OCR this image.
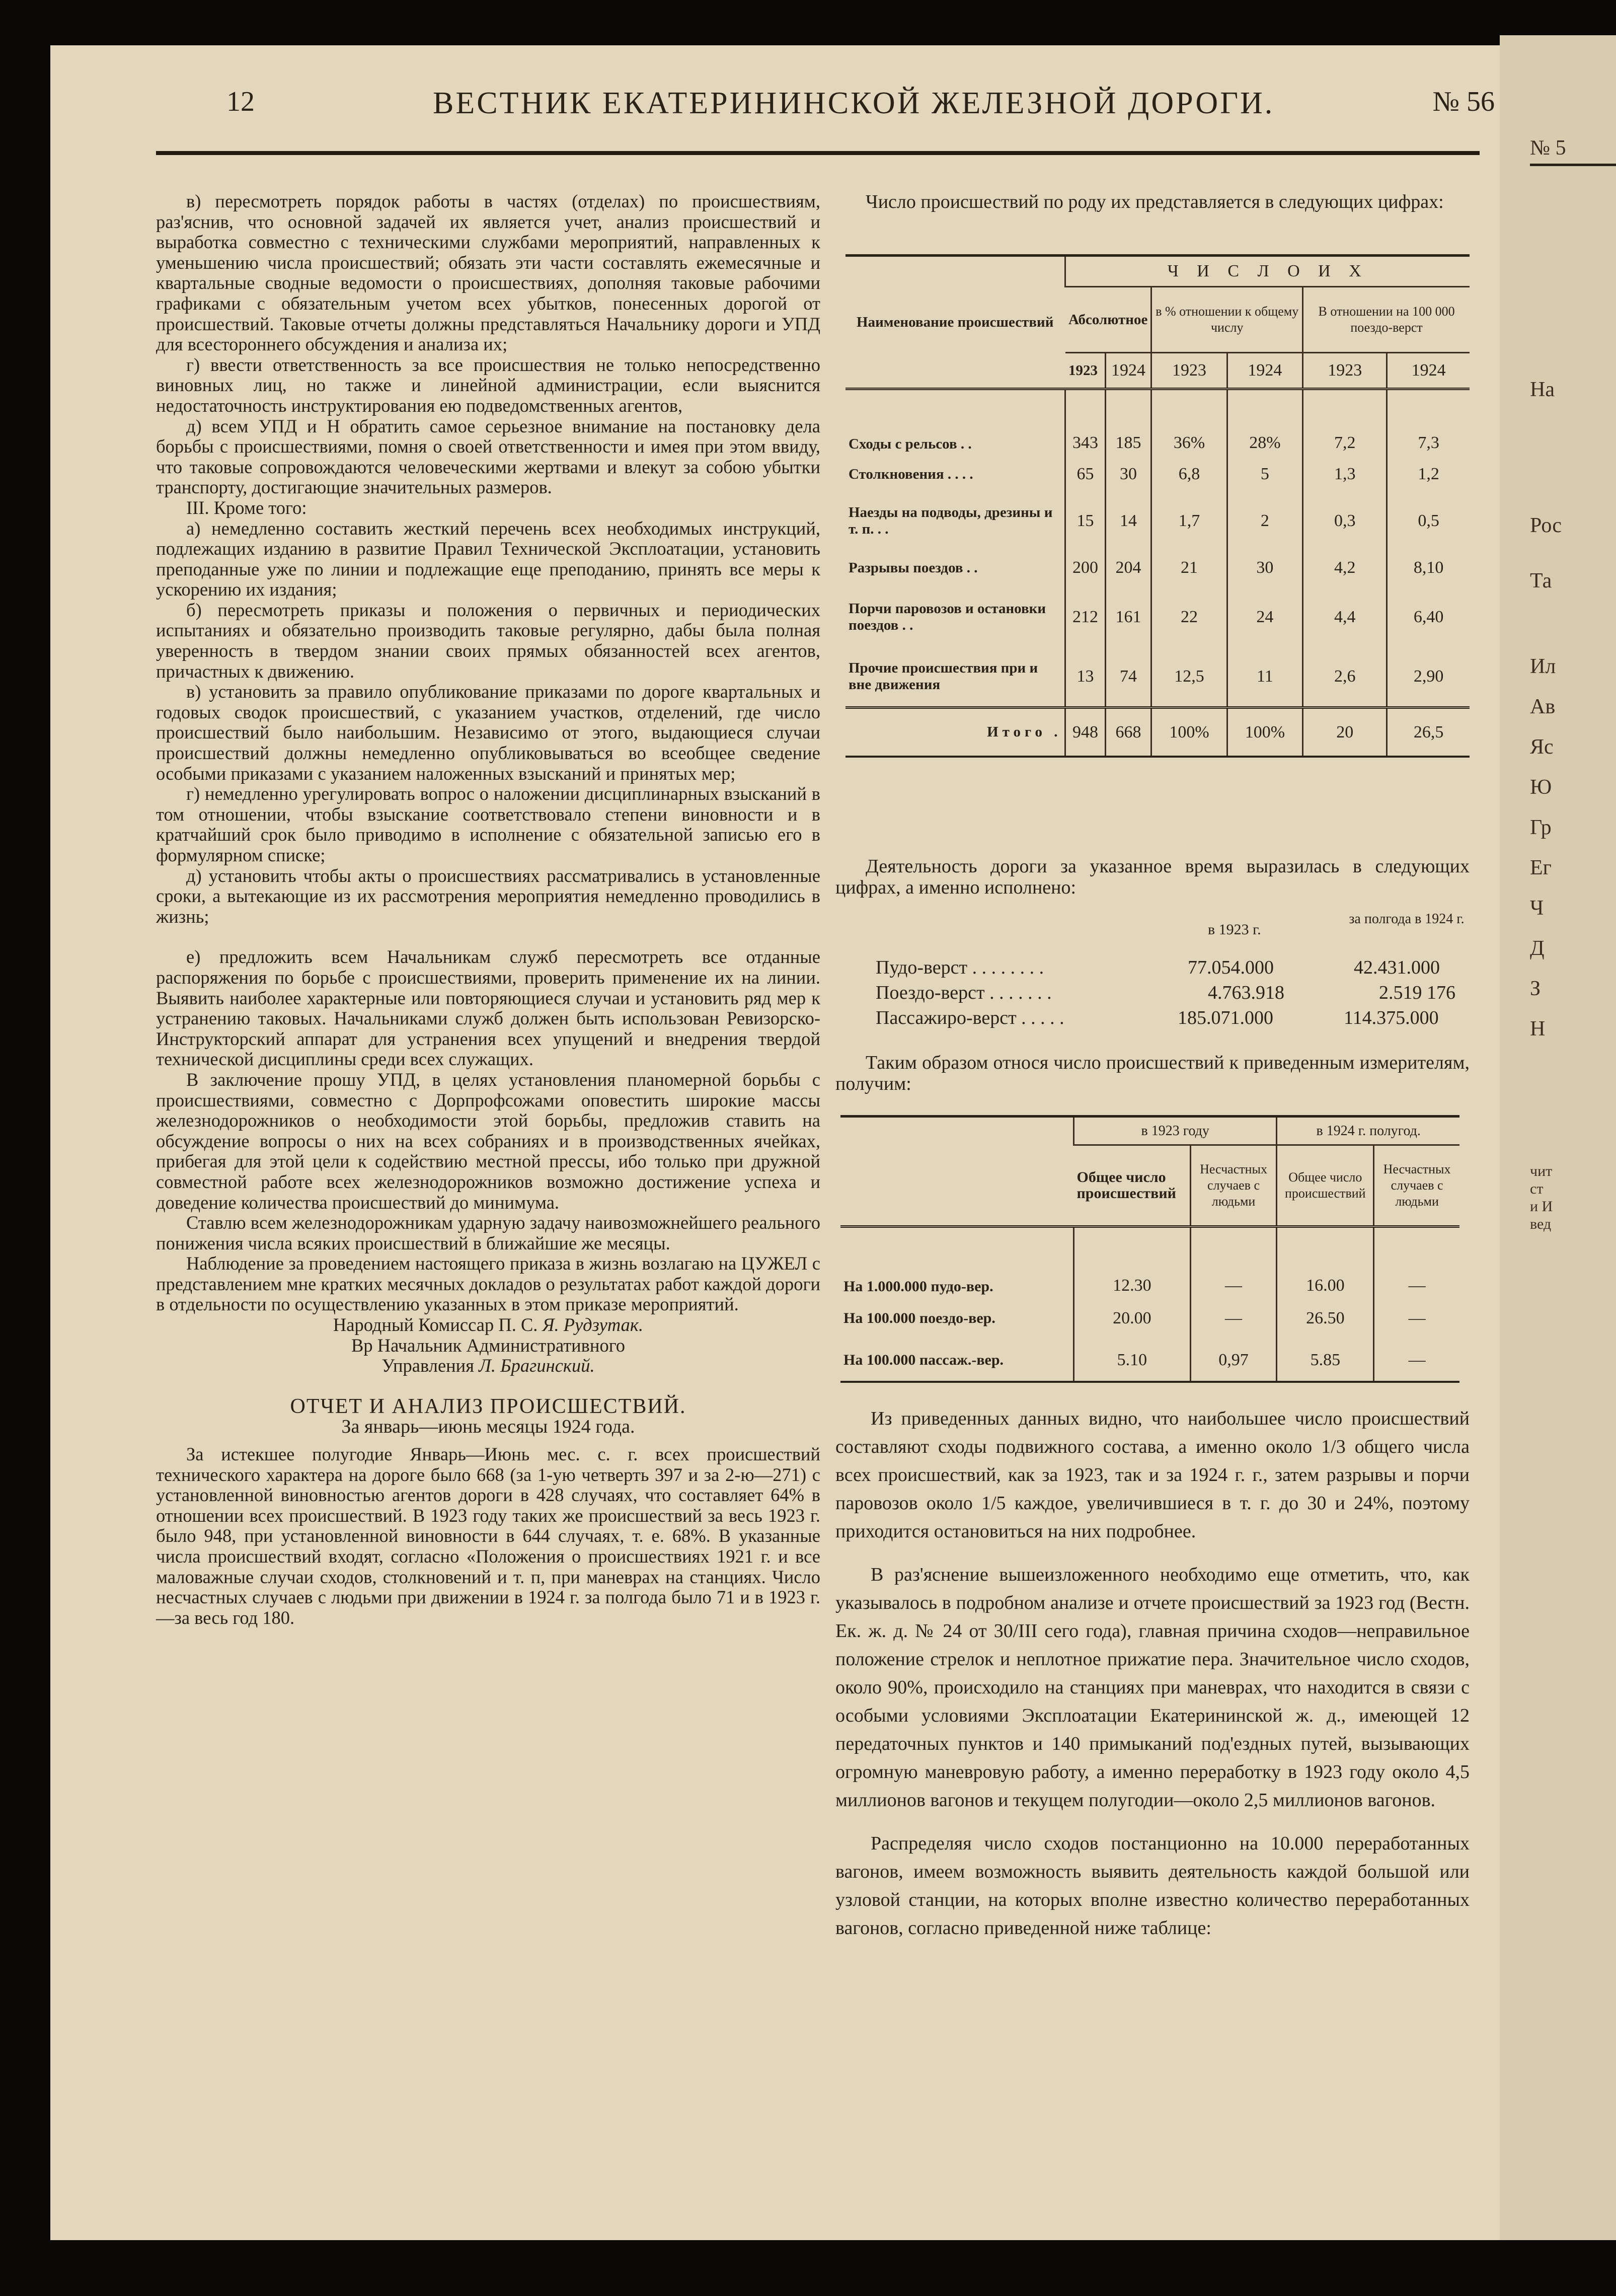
№ 5
На
Рос
Та
Ил
Ав
Яс
Ю
Гр
Ег
Ч
Д
З
Н
чит
ст
и И
вед
12	ВЕСТНИК ЕКАТЕРИНИНСКОЙ ЖЕЛЕЗНОЙ ДОРОГИ.	№ 56

в) пересмотреть порядок работы в частях (отделах) по происшествиям, раз'яснив, что основной задачей их является учет, анализ происшествий и выработка совместно с техническими службами мероприятий, направленных к уменьшению числа происшествий; обязать эти части составлять ежемесячные и квартальные сводные ведомости о происшествиях, дополняя таковые рабочими графиками с обязательным учетом всех убытков, понесенных дорогой от происшествий. Таковые отчеты должны представляться Начальнику дороги и УПД для всестороннего обсуждения и анализа их;

г) ввести ответственность за все происшествия не только непосредственно виновных лиц, но также и линейной администрации, если выяснится недостаточность инструктирования ею подведомственных агентов,

д) всем УПД и Н обратить самое серьезное внимание на постановку дела борьбы с происшествиями, помня о своей ответственности и имея при этом ввиду, что таковые сопровождаются человеческими жертвами и влекут за собою убытки транспорту, достигающие значительных размеров.

III. Кроме того:

а) немедленно составить жесткий перечень всех необходимых инструкций, подлежащих изданию в развитие Правил Технической Эксплоатации, установить преподанные уже по линии и подлежащие еще преподанию, принять все меры к ускорению их издания;

б) пересмотреть приказы и положения о первичных и периодических испытаниях и обязательно производить таковые регулярно, дабы была полная уверенность в твердом знании своих прямых обязанностей всех агентов, причастных к движению.

в) установить за правило опубликование приказами по дороге квартальных и годовых сводок происшествий, с указанием участков, отделений, где число происшествий было наибольшим. Независимо от этого, выдающиеся случаи происшествий должны немедленно опубликовываться во всеобщее сведение особыми приказами с указанием наложенных взысканий и принятых мер;

г) немедленно урегулировать вопрос о наложении дисциплинарных взысканий в том отношении, чтобы взыскание соответствовало степени виновности и в кратчайший срок было приводимо в исполнение с обязательной записью его в формулярном списке;

д) установить чтобы акты о происшествиях рассматривались в установленные сроки, а вытекающие из их рассмотрения мероприятия немедленно проводились в жизнь;

е) предложить всем Начальникам служб пересмотреть все отданные распоряжения по борьбе с происшествиями, проверить применение их на линии. Выявить наиболее характерные или повторяющиеся случаи и установить ряд мер к устранению таковых. Начальниками служб должен быть использован Ревизорско-Инструкторский аппарат для устранения всех упущений и внедрения твердой технической дисциплины среди всех служащих.

В заключение прошу УПД, в целях установления планомерной борьбы с происшествиями, совместно с Дорпрофсожами оповестить широкие массы железнодорожников о необходимости этой борьбы, предложив ставить на обсуждение вопросы о них на всех собраниях и в производственных ячейках, прибегая для этой цели к содействию местной прессы, ибо только при дружной совместной работе всех железнодорожников возможно достижение успеха и доведение количества происшествий до минимума.

Ставлю всем железнодорожникам ударную задачу наивозможнейшего реального понижения числа всяких происшествий в ближайшие же месяцы.

Наблюдение за проведением настоящего приказа в жизнь возлагаю на ЦУЖЕЛ с представлением мне кратких месячных докладов о результатах работ каждой дороги в отдельности по осуществлению указанных в этом приказе мероприятий.

Народный Комиссар П. С. Я. Рудзутак.

Вр Начальник Административного

Управления Л. Брагинский.

ОТЧЕТ И АНАЛИЗ ПРОИСШЕСТВИЙ.
За январь—июнь месяцы 1924 года.

За истекшее полугодие Январь—Июнь мес. с. г. всех происшествий технического характера на дороге было 668 (за 1-ую четверть 397 и за 2-ю—271) с установленной виновностью агентов дороги в 428 случаях, что составляет 64% в отношении всех происшествий. В 1923 году таких же происшествий за весь 1923 г. было 948, при установленной виновности в 644 случаях, т. е. 68%. В указанные числа происшествий входят, согласно «Положения о происшествиях 1921 г. и все маловажные случаи сходов, столкновений и т. п, при маневрах на станциях. Число несчастных случаев с людьми при движении в 1924 г. за полгода было 71 и в 1923 г.—за весь год 180.

Число происшествий по роду их представляется в следующих цифрах:

Наименование происшествий	Ч И С Л О И Х					
	Абсолютное		в % отношении к общему числу		В отношении на 100 000 поездо-верст	
	1923	1924	1923	1924	1923	1924
Сходы с рельсов . .	343	185	36%	28%	7,2	7,3
Столкновения . . . .	65	30	6,8	5	1,3	1,2
Наезды на подводы, дрезины и т. п. . .	15	14	1,7	2	0,3	0,5
Разрывы поездов . .	200	204	21	30	4,2	8,10
Порчи паровозов и остановки поездов . .	212	161	22	24	4,4	6,40
Прочие происшествия при и вне движения	13	74	12,5	11	2,6	2,90
Итого .	948	668	100%	100%	20	26,5

Деятельность дороги за указанное время выразилась в следующих цифрах, а именно исполнено:

в 1923 г.
за полгода в 1924 г.
Пудо-верст . . . . . . . .	77.054.000	42.431.000
Поездо-верст . . . . . . .	4.763.918	2.519 176
Пассажиро-верст . . . . .	185.071.000	114.375.000

Таким образом относя число происшествий к приведенным измерителям, получим:

	в 1923 году		в 1924 г. полугод.	
	Общее число происшествий	Несчастных случаев с людьми	Общее число происшествий	Несчастных случаев с людьми
На 1.000.000 пудо-вер.	12.30	—	16.00	—
На 100.000 поездо-вер.	20.00	—	26.50	—
На 100.000 пассаж.-вер.	5.10	0,97	5.85	—

Из приведенных данных видно, что наибольшее число происшествий составляют сходы подвижного состава, а именно около 1/3 общего числа всех происшествий, как за 1923, так и за 1924 г. г., затем разрывы и порчи паровозов около 1/5 каждое, увеличившиеся в т. г. до 30 и 24%, поэтому приходится остановиться на них подробнее.

В раз'яснение вышеизложенного необходимо еще отметить, что, как указывалось в подробном анализе и отчете происшествий за 1923 год (Вестн. Ек. ж. д. № 24 от 30/III сего года), главная причина сходов—неправильное положение стрелок и неплотное прижатие пера. Значительное число сходов, около 90%, происходило на станциях при маневрах, что находится в связи с особыми условиями Эксплоатации Екатерининской ж. д., имеющей 12 передаточных пунктов и 140 примыканий под'ездных путей, вызывающих огромную маневровую работу, а именно переработку в 1923 году около 4,5 миллионов вагонов и текущем полугодии—около 2,5 миллионов вагонов.

Распределяя число сходов постанционно на 10.000 переработанных вагонов, имеем возможность выявить деятельность каждой большой или узловой станции, на которых вполне известно количество переработанных вагонов, согласно приведенной ниже таблице:
